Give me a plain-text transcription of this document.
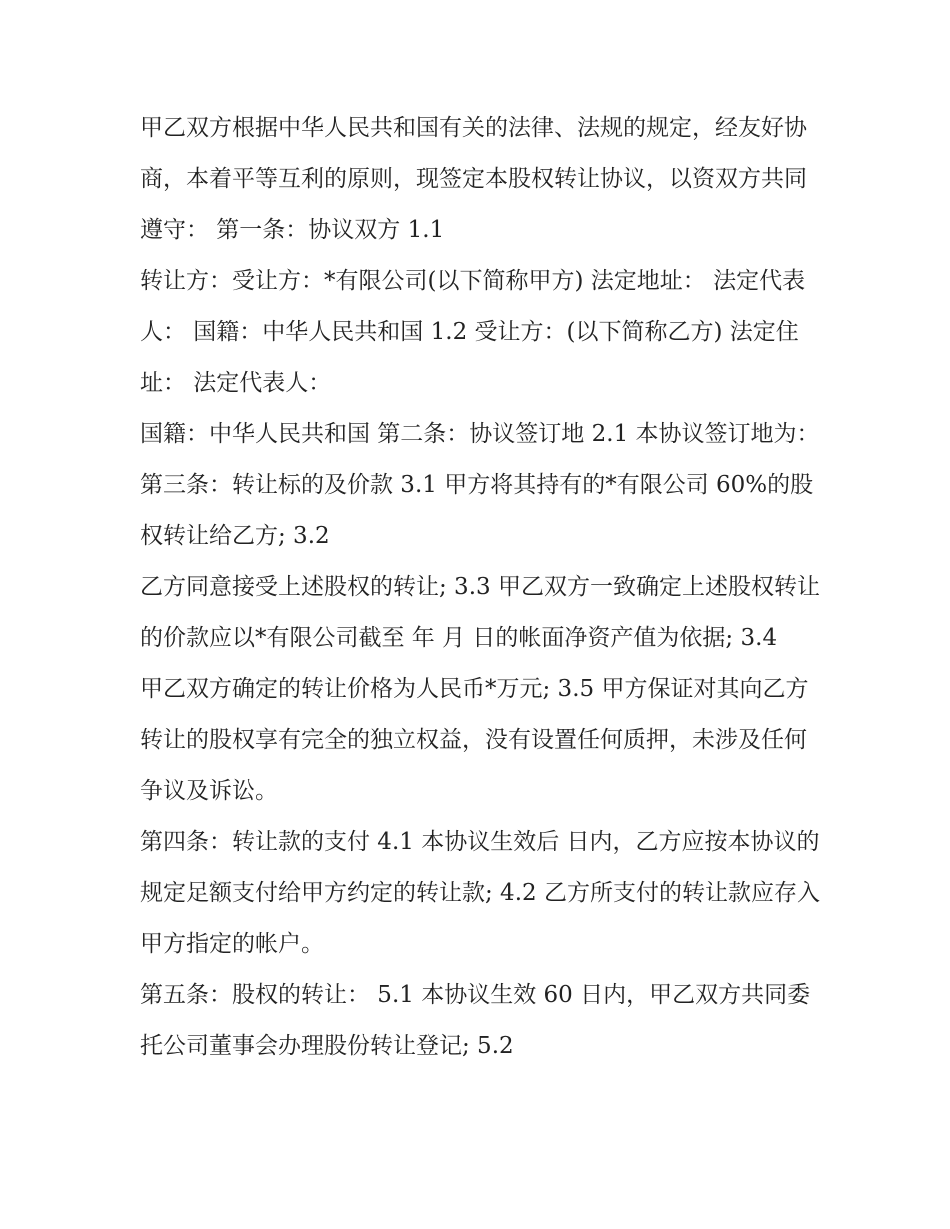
甲乙双方根据中华人民共和国有关的法律、法规的规定，经友好协商，本着平等互利的原则，现签定本股权转让协议，以资双方共同遵守： 第一条：协议双方 1.1

转让方：受让方：*有限公司(以下简称甲方) 法定地址： 法定代表人： 国籍：中华人民共和国 1.2 受让方：(以下简称乙方) 法定住址： 法定代表人：

国籍：中华人民共和国 第二条：协议签订地 2.1 本协议签订地为： 第三条：转让标的及价款 3.1 甲方将其持有的*有限公司 60%的股权转让给乙方; 3.2

乙方同意接受上述股权的转让; 3.3 甲乙双方一致确定上述股权转让的价款应以*有限公司截至 年 月 日的帐面净资产值为依据; 3.4

甲乙双方确定的转让价格为人民币*万元; 3.5 甲方保证对其向乙方转让的股权享有完全的独立权益，没有设置任何质押，未涉及任何争议及诉讼。

第四条：转让款的支付 4.1 本协议生效后 日内，乙方应按本协议的规定足额支付给甲方约定的转让款; 4.2 乙方所支付的转让款应存入甲方指定的帐户。

第五条：股权的转让： 5.1 本协议生效 60 日内，甲乙双方共同委托公司董事会办理股份转让登记; 5.2
